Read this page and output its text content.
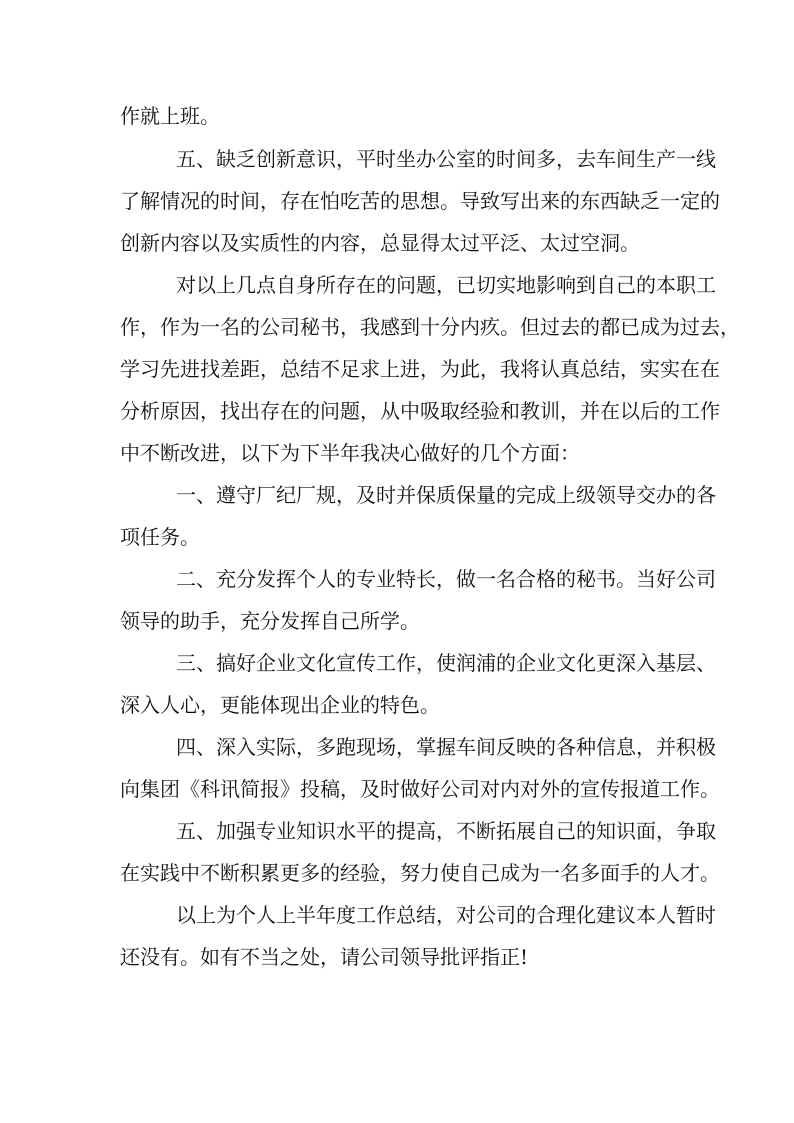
作就上班。
五、缺乏创新意识，平时坐办公室的时间多，去车间生产一线
了解情况的时间，存在怕吃苦的思想。导致写出来的东西缺乏一定的
创新内容以及实质性的内容，总显得太过平泛、太过空洞。
对以上几点自身所存在的问题，已切实地影响到自己的本职工
作，作为一名的公司秘书，我感到十分内疚。但过去的都已成为过去，
学习先进找差距，总结不足求上进，为此，我将认真总结，实实在在
分析原因，找出存在的问题，从中吸取经验和教训，并在以后的工作
中不断改进，以下为下半年我决心做好的几个方面：
一、遵守厂纪厂规，及时并保质保量的完成上级领导交办的各
项任务。
二、充分发挥个人的专业特长，做一名合格的秘书。当好公司
领导的助手，充分发挥自己所学。
三、搞好企业文化宣传工作，使润浦的企业文化更深入基层、
深入人心，更能体现出企业的特色。
四、深入实际，多跑现场，掌握车间反映的各种信息，并积极
向集团《科讯简报》投稿，及时做好公司对内对外的宣传报道工作。
五、加强专业知识水平的提高，不断拓展自己的知识面，争取
在实践中不断积累更多的经验，努力使自己成为一名多面手的人才。
以上为个人上半年度工作总结，对公司的合理化建议本人暂时
还没有。如有不当之处，请公司领导批评指正!
